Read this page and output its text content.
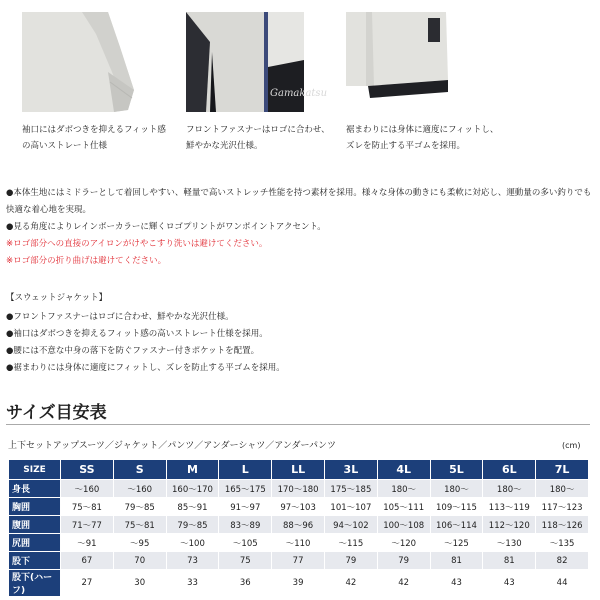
Gamakatsu
袖口にはダボつきを抑えるフィット感の高いストレート仕様
フロントファスナーはロゴに合わせ、鮮やかな光沢仕様。
裾まわりには身体に適度にフィットし、ズレを防止する平ゴムを採用。

●本体生地にはミドラーとして着回しやすい、軽量で高いストレッチ性能を持つ素材を採用。様々な身体の動きにも柔軟に対応し、運動量の多い釣りでも快適な着心地を実現。

●見る角度によりレインボーカラーに輝くロゴプリントがワンポイントアクセント。

※ロゴ部分への直接のアイロンがけやこすり洗いは避けてください。

※ロゴ部分の折り曲げは避けてください。

【スウェットジャケット】

●フロントファスナーはロゴに合わせ、鮮やかな光沢仕様。

●袖口はダボつきを抑えるフィット感の高いストレート仕様を採用。

●腰には不意な中身の落下を防ぐファスナー付きポケットを配置。

●裾まわりには身体に適度にフィットし、ズレを防止する平ゴムを採用。

サイズ目安表
上下セットアップスーツ／ジャケット／パンツ／アンダーシャツ／アンダーパンツ	(cm)
SIZE	SS	S	M	L	LL	3L	4L	5L	6L	7L
身長	～160	～160	160～170	165～175	170～180	175～185	180～	180～	180～	180～
胸囲	75～81	79～85	85～91	91～97	97～103	101～107	105～111	109～115	113～119	117～123
腹囲	71～77	75～81	79～85	83～89	88～96	94～102	100～108	106～114	112～120	118～126
尻囲	～91	～95	～100	～105	～110	～115	～120	～125	～130	～135
股下	67	70	73	75	77	79	79	81	81	82
股下(ハーフ)	27	30	33	36	39	42	42	43	43	44
